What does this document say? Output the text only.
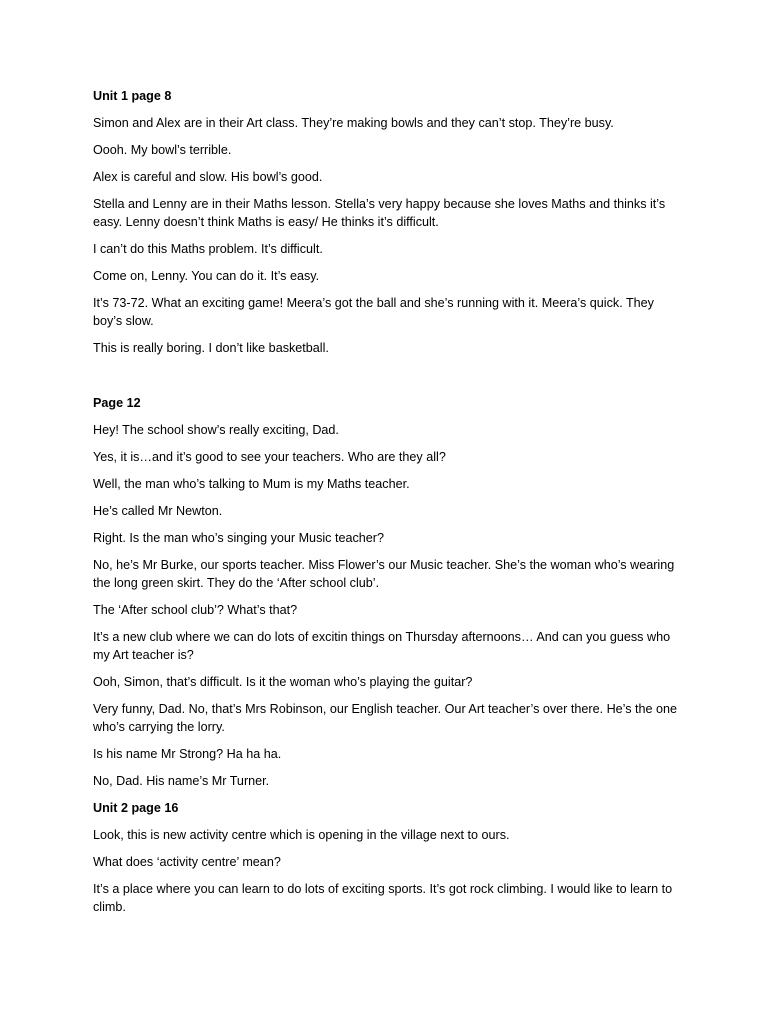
Unit 1 page 8
Simon and Alex are in their Art class. They’re making bowls and they can’t stop. They’re busy.
Oooh. My bowl’s terrible.
Alex is careful and slow. His bowl’s good.
Stella and Lenny are in their Maths lesson. Stella’s very happy because she loves Maths and thinks it’s easy. Lenny doesn’t think Maths is easy/ He thinks it’s difficult.
I can’t do this Maths problem. It’s difficult.
Come on, Lenny. You can do it. It’s easy.
It’s 73-72. What an exciting game! Meera’s got the ball and she’s running with it. Meera’s quick. They boy’s slow.
This is really boring. I don’t like basketball.
Page 12
Hey! The school show’s really exciting, Dad.
Yes, it is…and it’s good to see your teachers. Who are they all?
Well, the man who’s talking to Mum is my Maths teacher.
He’s called Mr Newton.
Right. Is the man who’s singing your Music teacher?
No, he’s Mr Burke, our sports teacher. Miss Flower’s our Music teacher. She’s the woman who’s wearing the long green skirt. They do the ‘After school club’.
The ‘After school club’? What’s that?
It’s a new club where we can do lots of excitin things on Thursday afternoons… And can you guess who my Art teacher is?
Ooh, Simon, that’s difficult. Is it the woman who’s playing the guitar?
Very funny, Dad. No, that’s Mrs Robinson, our English teacher. Our Art teacher’s over there. He’s the one who’s carrying the lorry.
Is his name Mr Strong? Ha ha ha.
No, Dad. His name’s Mr Turner.
Unit 2 page 16
Look, this is new activity centre which is opening in the village next to ours.
What does ‘activity centre’ mean?
It’s a place where you can learn to do lots of exciting sports. It’s got rock climbing. I would like to learn to climb.
